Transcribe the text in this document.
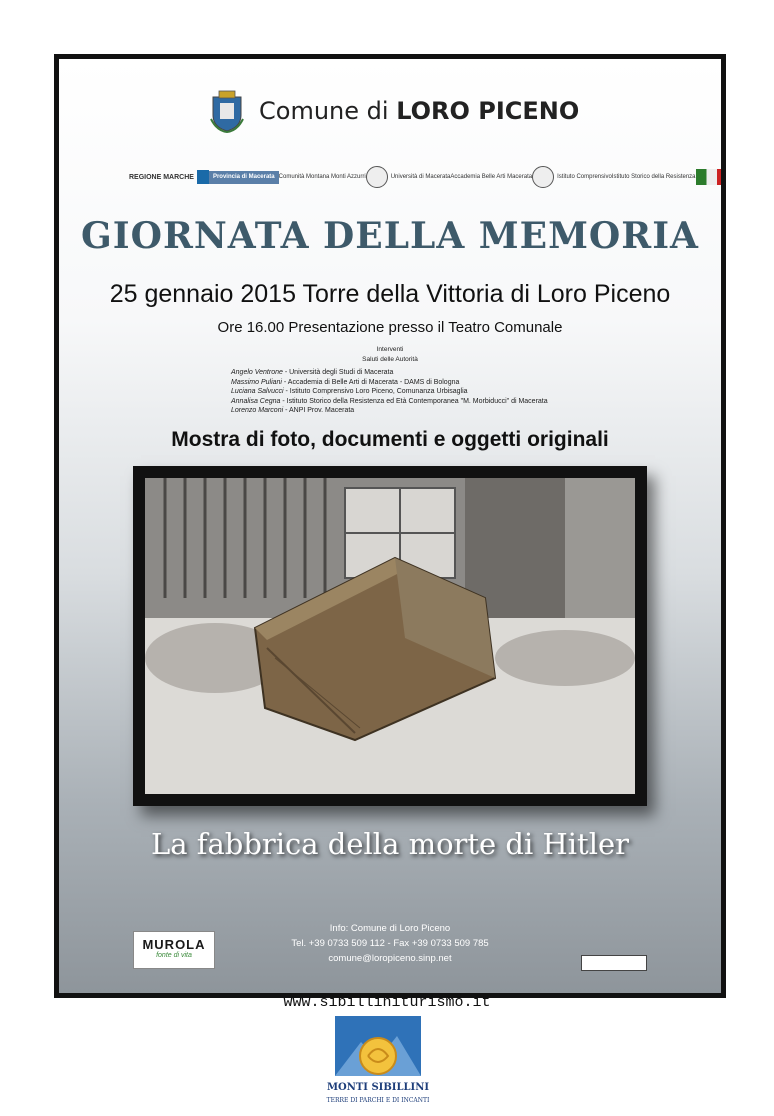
Comune di LORO PICENO
REGIONE MARCHE	Provincia di Macerata Comunità Montana Monti Azzurri	Università di Macerata Accademia Belle Arti Macerata	Istituto Comprensivo Istituto Storico della Resistenza
GIORNATA DELLA MEMORIA
25 gennaio 2015 Torre della Vittoria di Loro Piceno
Ore 16.00 Presentazione presso il Teatro Comunale
Interventi
Saluti delle Autorità
Angelo Ventrone - Università degli Studi di Macerata
Massimo Puliani - Accademia di Belle Arti di Macerata - DAMS di Bologna
Luciana Salvucci - Istituto Comprensivo Loro Piceno, Comunanza Urbisaglia
Annalisa Cegna - Istituto Storico della Resistenza ed Età Contemporanea "M. Morbiducci" di Macerata
Lorenzo Marconi - ANPI Prov. Macerata
Mostra di foto, documenti e oggetti originali
La fabbrica della morte di Hitler
MUROLA
fonte di vita
Info: Comune di Loro Piceno
Tel. +39 0733 509 112 - Fax +39 0733 509 785
comune@loropiceno.sinp.net
www.sibilliniturismo.it
MONTI SIBILLINI
TERRE DI PARCHI E DI INCANTI
